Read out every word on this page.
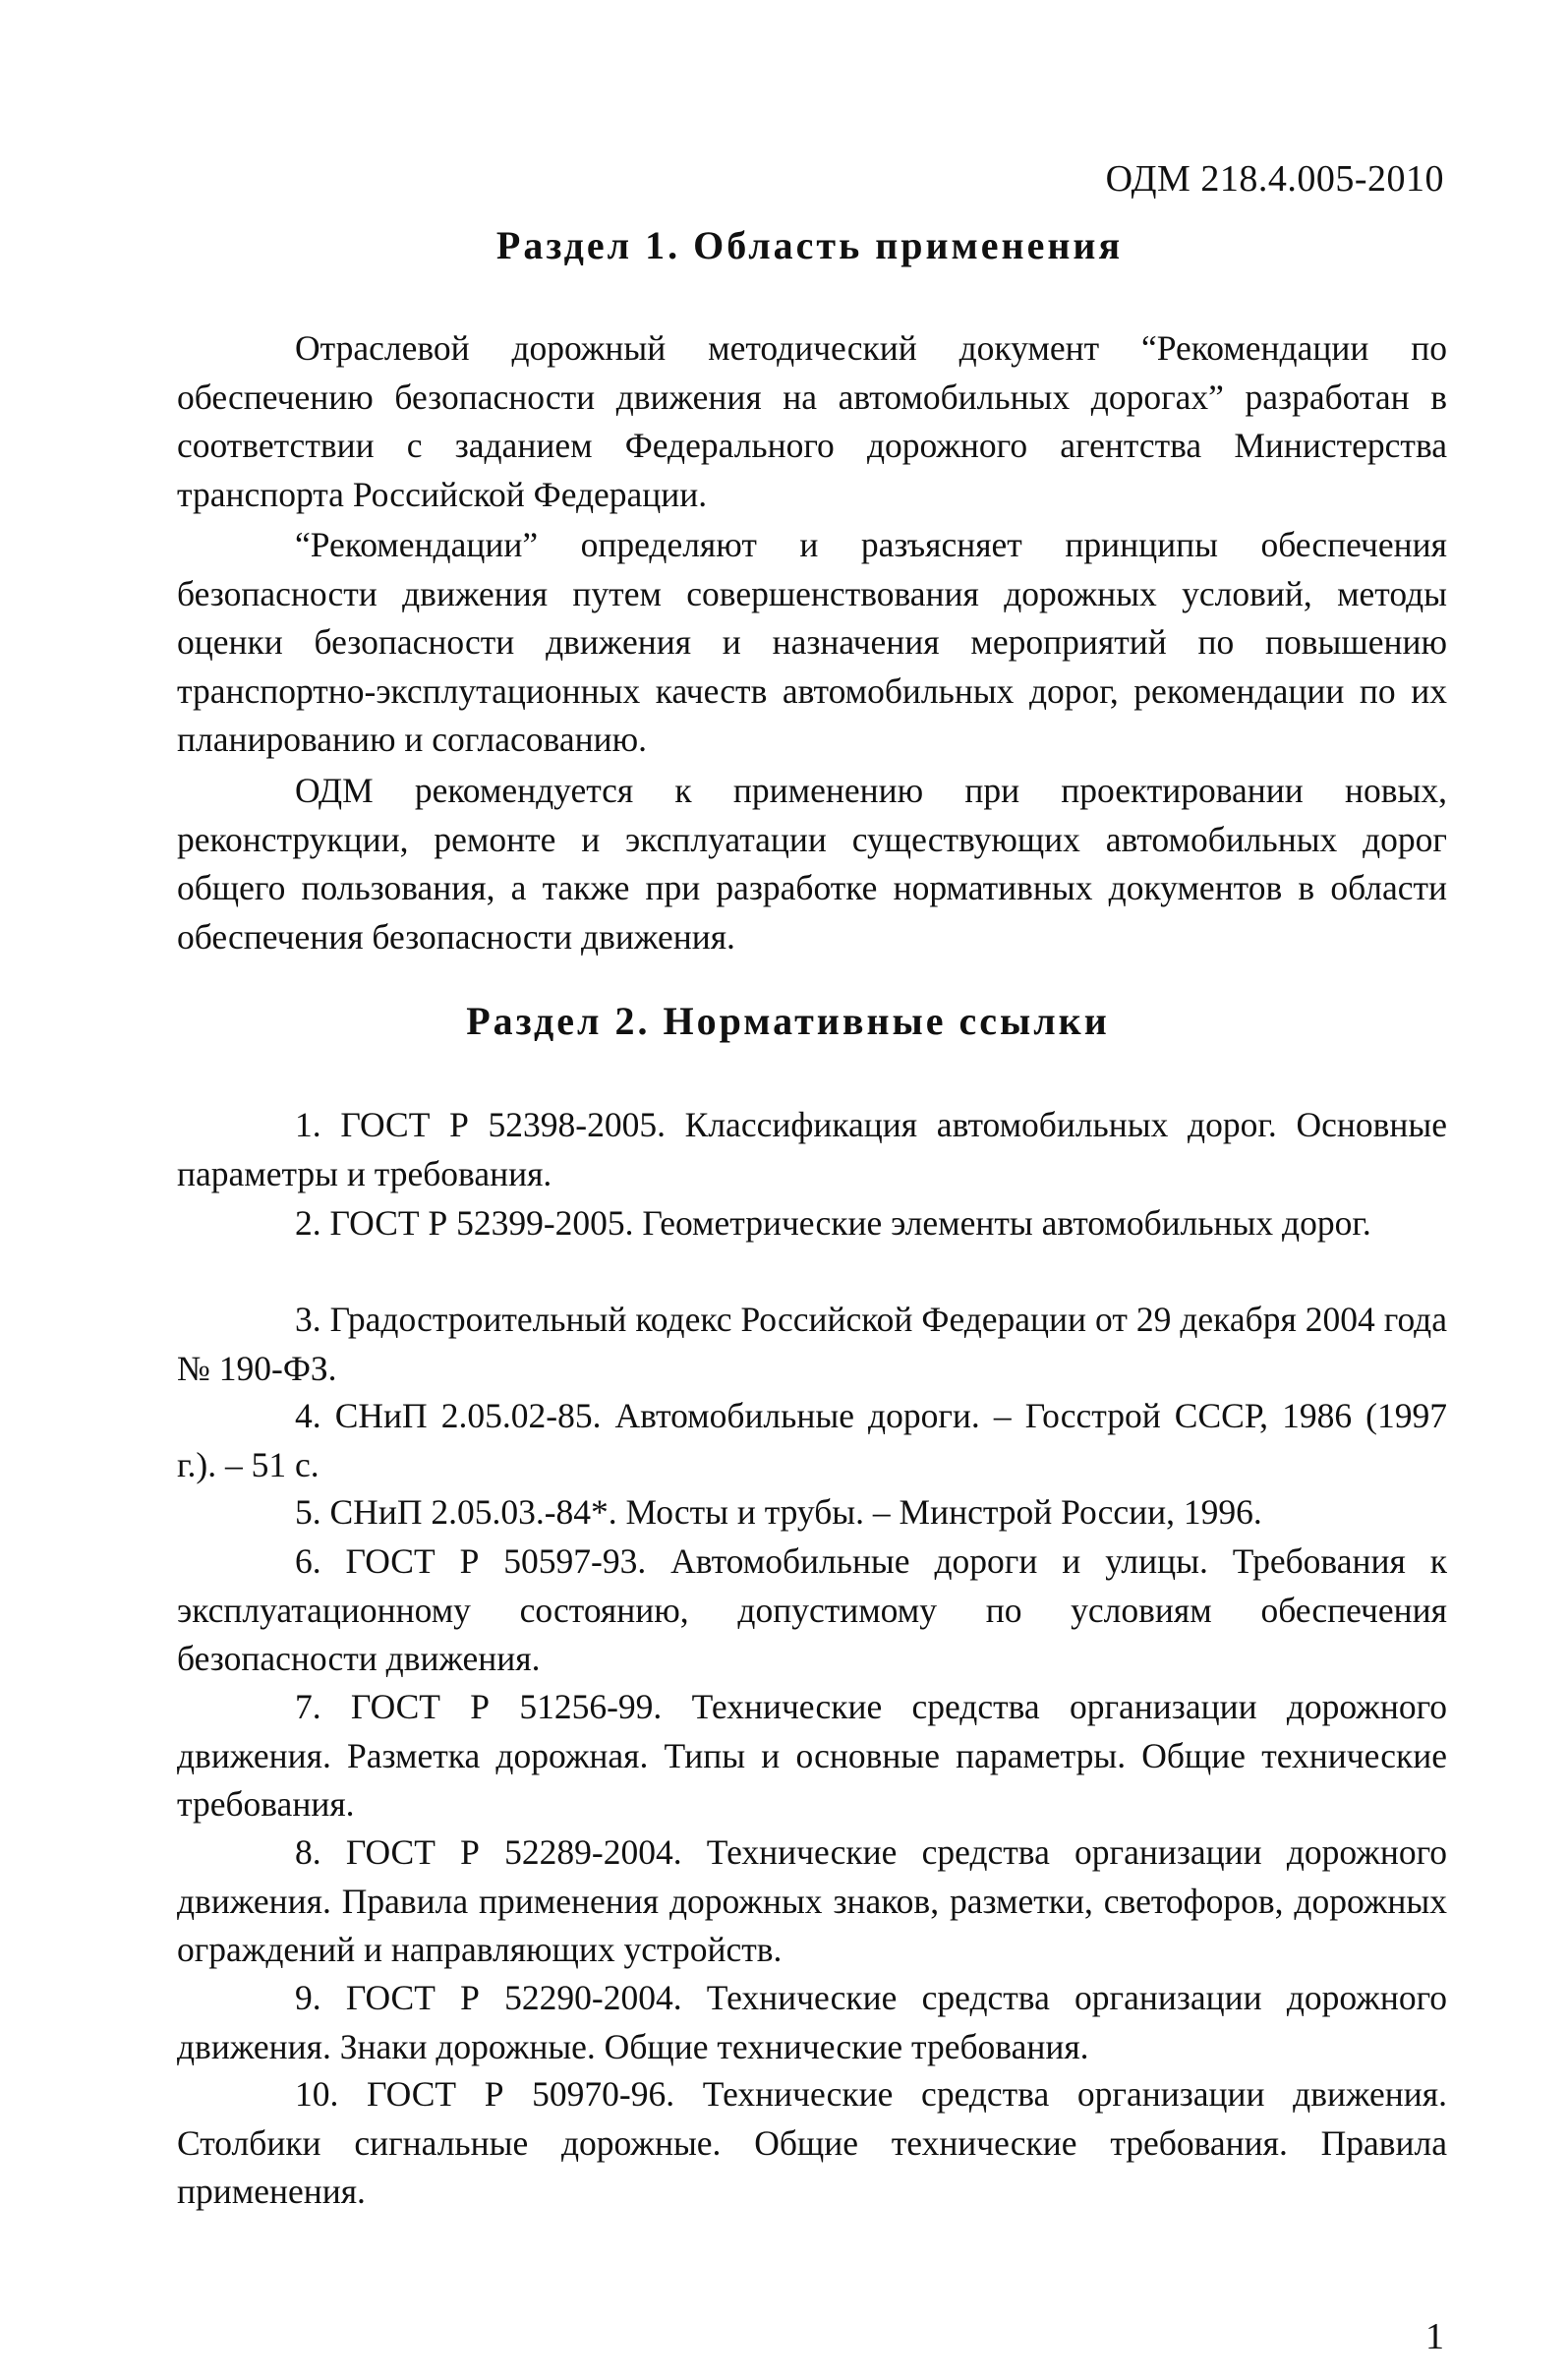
ОДМ 218.4.005-2010
Раздел 1. Область применения
Отраслевой дорожный методический документ “Рекомендации по обеспечению безопасности движения на автомобильных дорогах” разработан в соответствии с заданием Федерального дорожного агентства Министерства транспорта Российской Федерации.
“Рекомендации” определяют и разъясняет принципы обеспечения безопасности движения путем совершенствования дорожных условий, методы оценки безопасности движения и назначения мероприятий по повышению транспортно-эксплутационных качеств автомобильных дорог, рекомендации по их планированию и согласованию.
ОДМ рекомендуется к применению при проектировании новых, реконструкции, ремонте и эксплуатации существующих автомобильных дорог общего пользования, а также при разработке нормативных документов в области обеспечения безопасности движения.
Раздел 2. Нормативные ссылки
1. ГОСТ Р 52398-2005. Классификация автомобильных дорог. Основные параметры и требования.
2. ГОСТ Р 52399-2005. Геометрические элементы автомобильных дорог.
3. Градостроительный кодекс Российской Федерации от 29 декабря 2004 года № 190-ФЗ.
4. СНиП 2.05.02-85. Автомобильные дороги. – Госстрой СССР, 1986 (1997 г.). – 51 с.
5. СНиП 2.05.03.-84*. Мосты и трубы. – Минстрой России, 1996.
6. ГОСТ Р 50597-93. Автомобильные дороги и улицы. Требования к эксплуатационному состоянию, допустимому по условиям обеспечения безопасности движения.
7. ГОСТ Р 51256-99. Технические средства организации дорожного движения. Разметка дорожная. Типы и основные параметры. Общие технические требования.
8. ГОСТ Р 52289-2004. Технические средства организации дорожного движения. Правила применения дорожных знаков, разметки, светофоров, дорожных ограждений и направляющих устройств.
9. ГОСТ Р 52290-2004. Технические средства организации дорожного движения. Знаки дорожные. Общие технические требования.
10. ГОСТ Р 50970-96. Технические средства организации движения. Столбики сигнальные дорожные. Общие технические требования. Правила применения.
1
